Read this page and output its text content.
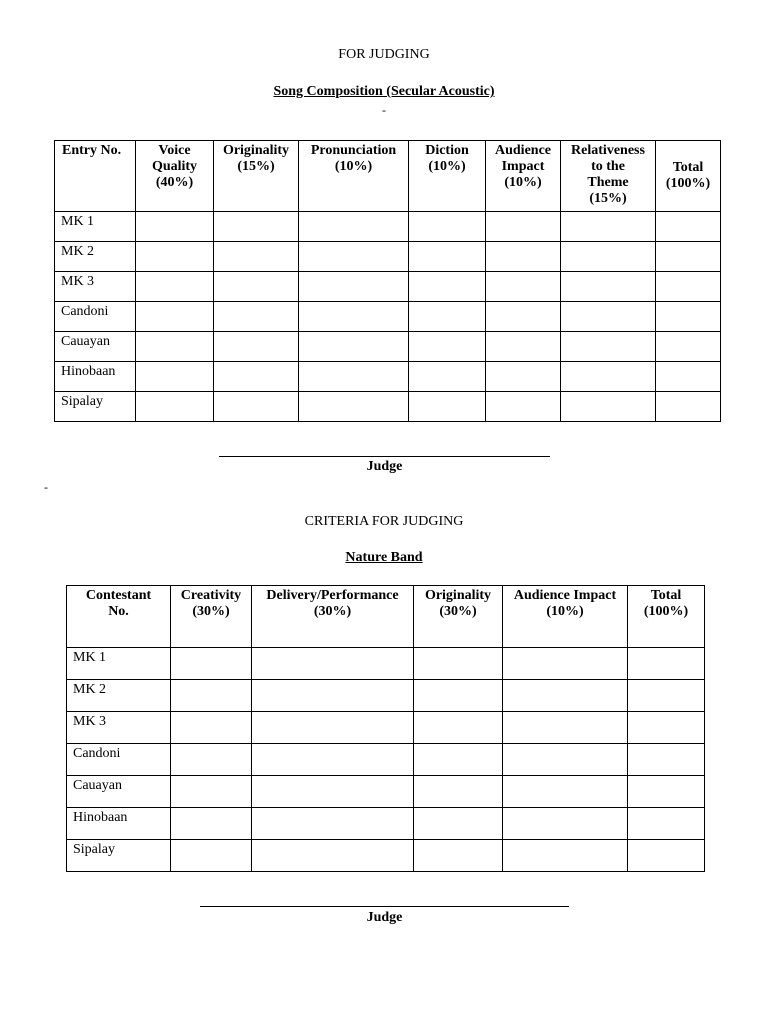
FOR JUDGING
Song Composition (Secular Acoustic)
-
Entry No.	Voice Quality (40%)	Originality (15%)	Pronunciation (10%)	Diction (10%)	Audience Impact (10%)	Relativeness to the Theme (15%)	Total (100%)
MK 1							
MK 2							
MK 3							
Candoni							
Cauayan							
Hinobaan							
Sipalay							
Judge
-
CRITERIA FOR JUDGING
Nature Band
Contestant No.	Creativity (30%)	Delivery/Performance (30%)	Originality (30%)	Audience Impact (10%)	Total (100%)
MK 1					
MK 2					
MK 3					
Candoni					
Cauayan					
Hinobaan					
Sipalay					
Judge
